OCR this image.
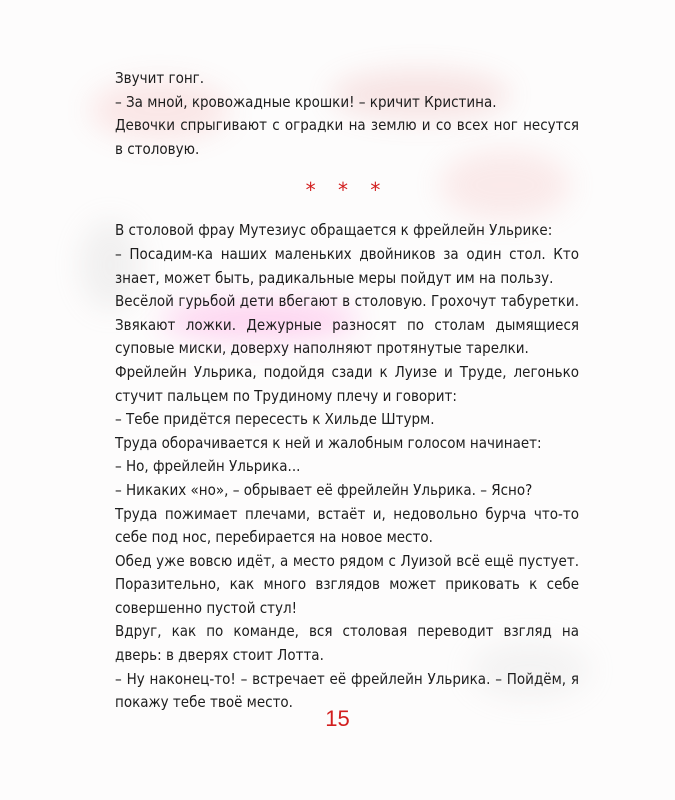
Звучит гонг.

– За мной, кровожадные крошки! – кричит Кристина.

Девочки спрыгивают с оградки на землю и со всех ног несутся в столовую.

* * *

В столовой фрау Мутезиус обращается к фрейлейн Ульрике:

– Посадим-ка наших маленьких двойников за один стол. Кто знает, может быть, радикальные меры пойдут им на пользу.

Весёлой гурьбой дети вбегают в столовую. Грохочут табуретки. Звякают ложки. Дежурные разносят по столам дымящиеся суповые миски, доверху наполняют протянутые тарелки.

Фрейлейн Ульрика, подойдя сзади к Луизе и Труде, легонько стучит пальцем по Трудиному плечу и говорит:

– Тебе придётся пересесть к Хильде Штурм.

Труда оборачивается к ней и жалобным голосом начинает:

– Но, фрейлейн Ульрика...

– Никаких «но», – обрывает её фрейлейн Ульрика. – Ясно?

Труда пожимает плечами, встаёт и, недовольно бурча что-то себе под нос, перебирается на новое место.

Обед уже вовсю идёт, а место рядом с Луизой всё ещё пустует. Поразительно, как много взглядов может приковать к себе совершенно пустой стул!

Вдруг, как по команде, вся столовая переводит взгляд на дверь: в дверях стоит Лотта.

– Ну наконец-то! – встречает её фрейлейн Ульрика. – Пойдём, я покажу тебе твоё место.

15
